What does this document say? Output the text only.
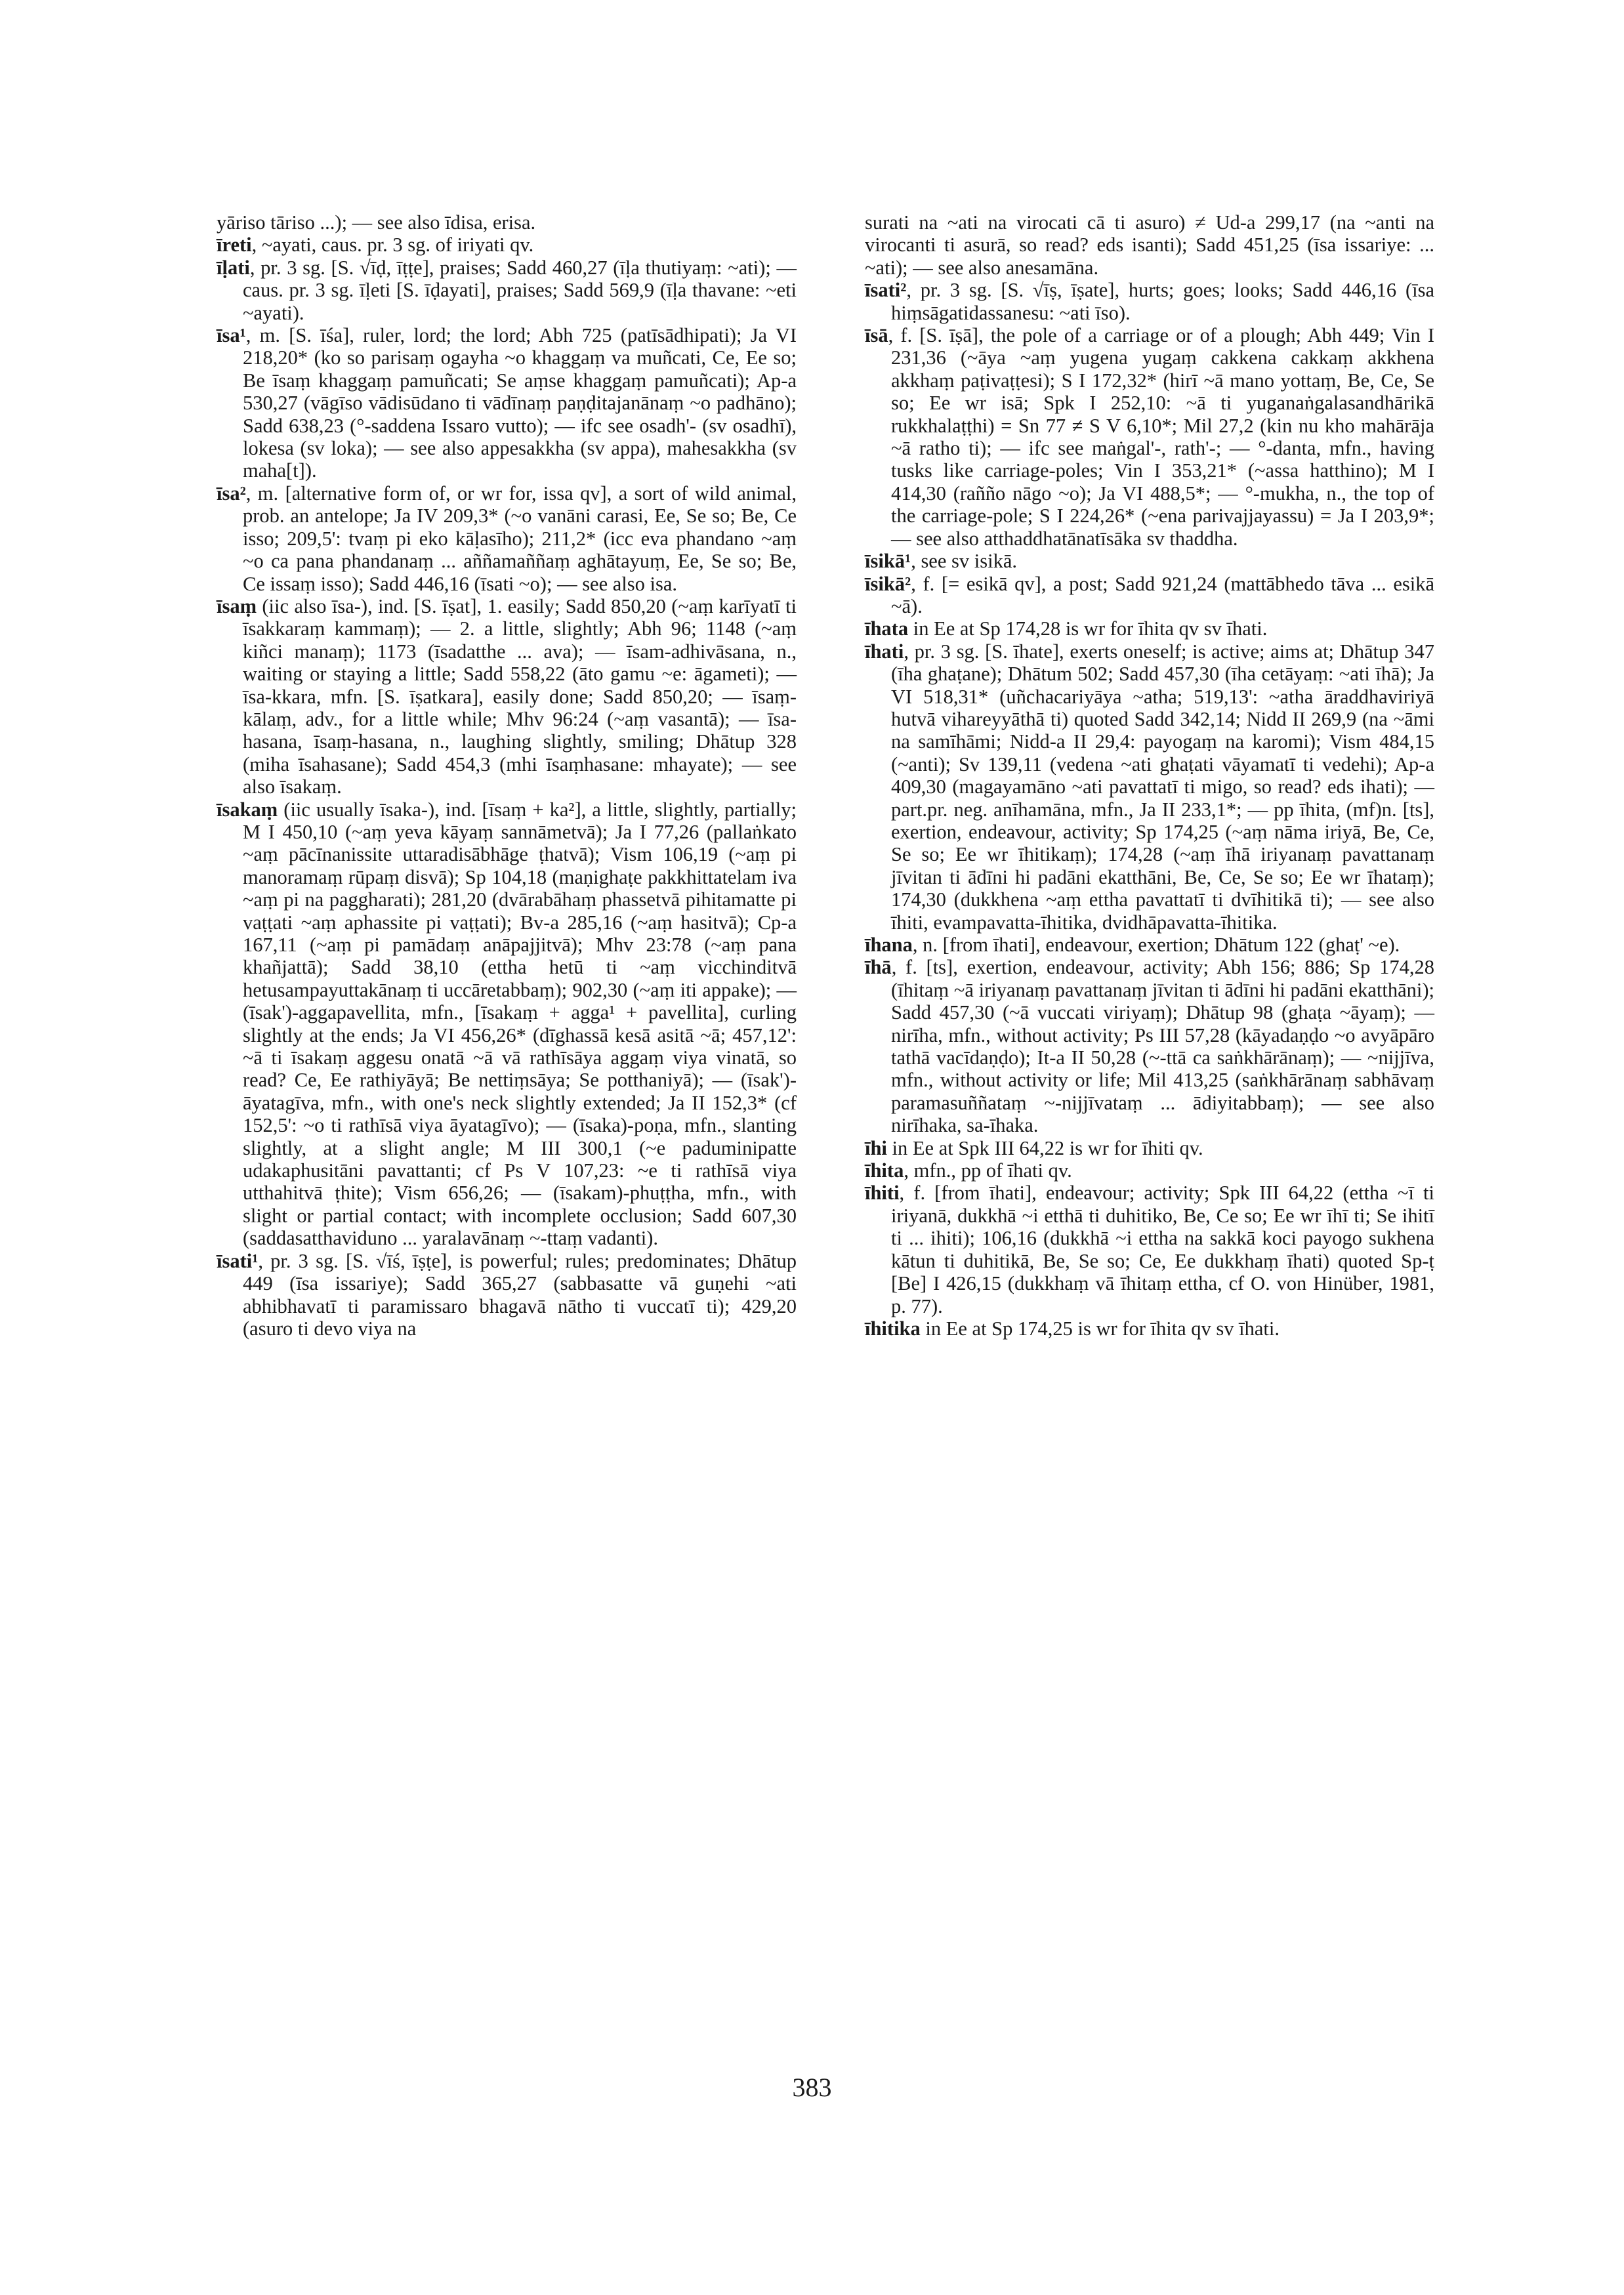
yāriso tāriso ...); — see also īdisa, erisa.

īreti, ~ayati, caus. pr. 3 sg. of iriyati qv.

īḷati, pr. 3 sg. [S. √īḍ, īṭṭe], praises; Sadd 460,27 (īḷa thutiyaṃ: ~ati); — caus. pr. 3 sg. īḷeti [S. īḍayati], praises; Sadd 569,9 (īḷa thavane: ~eti ~ayati).

īsa¹, m. [S. īśa], ruler, lord; the lord; Abh 725 (patīsādhipati); Ja VI 218,20* (ko so parisaṃ ogayha ~o khaggaṃ va muñcati, Ce, Ee so; Be īsaṃ khaggaṃ pamuñcati; Se aṃse khaggaṃ pamuñcati); Ap-a 530,27 (vāgīso vādisūdano ti vādīnaṃ paṇḍitajanānaṃ ~o padhāno); Sadd 638,23 (°-saddena Issaro vutto); — ifc see osadh'- (sv osadhī), lokesa (sv loka); — see also appesakkha (sv appa), mahesakkha (sv maha[t]).

īsa², m. [alternative form of, or wr for, issa qv], a sort of wild animal, prob. an antelope; Ja IV 209,3* (~o vanāni carasi, Ee, Se so; Be, Ce isso; 209,5': tvaṃ pi eko kāḷasīho); 211,2* (icc eva phandano ~aṃ ~o ca pana phandanaṃ ... aññamaññaṃ aghātayuṃ, Ee, Se so; Be, Ce issaṃ isso); Sadd 446,16 (īsati ~o); — see also isa.

īsaṃ (iic also īsa-), ind. [S. īṣat], 1. easily; Sadd 850,20 (~aṃ karīyatī ti īsakkaraṃ kammaṃ); — 2. a little, slightly; Abh 96; 1148 (~aṃ kiñci manaṃ); 1173 (īsadatthe ... ava); — īsam-adhivāsana, n., waiting or staying a little; Sadd 558,22 (āto gamu ~e: āgameti); — īsa-kkara, mfn. [S. īṣatkara], easily done; Sadd 850,20; — īsaṃ-kālaṃ, adv., for a little while; Mhv 96:24 (~aṃ vasantā); — īsa-hasana, īsaṃ-hasana, n., laughing slightly, smiling; Dhātup 328 (miha īsahasane); Sadd 454,3 (mhi īsaṃhasane: mhayate); — see also īsakaṃ.

īsakaṃ (iic usually īsaka-), ind. [īsaṃ + ka²], a little, slightly, partially; M I 450,10 (~aṃ yeva kāyaṃ sannāmetvā); Ja I 77,26 (pallaṅkato ~aṃ pācīnanissite uttaradisābhāge ṭhatvā); Vism 106,19 (~aṃ pi manoramaṃ rūpaṃ disvā); Sp 104,18 (maṇighaṭe pakkhittatelam iva ~aṃ pi na paggharati); 281,20 (dvārabāhaṃ phassetvā pihitamatte pi vaṭṭati ~aṃ aphassite pi vaṭṭati); Bv-a 285,16 (~aṃ hasitvā); Cp-a 167,11 (~aṃ pi pamādaṃ anāpajjitvā); Mhv 23:78 (~aṃ pana khañjattā); Sadd 38,10 (ettha hetū ti ~aṃ vicchinditvā hetusampayuttakānaṃ ti uccāretabbaṃ); 902,30 (~aṃ iti appake); — (īsak')-aggapavellita, mfn., [īsakaṃ + agga¹ + pavellita], curling slightly at the ends; Ja VI 456,26* (dīghassā kesā asitā ~ā; 457,12': ~ā ti īsakaṃ aggesu onatā ~ā vā rathīsāya aggaṃ viya vinatā, so read? Ce, Ee rathiyāyā; Be nettiṃsāya; Se potthaniyā); — (īsak')-āyatagīva, mfn., with one's neck slightly extended; Ja II 152,3* (cf 152,5': ~o ti rathīsā viya āyatagīvo); — (īsaka)-poṇa, mfn., slanting slightly, at a slight angle; M III 300,1 (~e paduminipatte udakaphusitāni pavattanti; cf Ps V 107,23: ~e ti rathīsā viya utthahitvā ṭhite); Vism 656,26; — (īsakam)-phuṭṭha, mfn., with slight or partial contact; with incomplete occlusion; Sadd 607,30 (saddasatthaviduno ... yaralavānaṃ ~-ttaṃ vadanti).

īsati¹, pr. 3 sg. [S. √īś, īṣṭe], is powerful; rules; predominates; Dhātup 449 (īsa issariye); Sadd 365,27 (sabbasatte vā guṇehi ~ati abhibhavatī ti paramissaro bhagavā nātho ti vuccatī ti); 429,20 (asuro ti devo viya na

surati na ~ati na virocati cā ti asuro) ≠ Ud-a 299,17 (na ~anti na virocanti ti asurā, so read? eds isanti); Sadd 451,25 (īsa issariye: ... ~ati); — see also anesamāna.

īsati², pr. 3 sg. [S. √īṣ, īṣate], hurts; goes; looks; Sadd 446,16 (īsa hiṃsāgatidassanesu: ~ati īso).

īsā, f. [S. īṣā], the pole of a carriage or of a plough; Abh 449; Vin I 231,36 (~āya ~aṃ yugena yugaṃ cakkena cakkaṃ akkhena akkhaṃ paṭivaṭṭesi); S I 172,32* (hirī ~ā mano yottaṃ, Be, Ce, Se so; Ee wr isā; Spk I 252,10: ~ā ti yuganaṅgalasandhārikā rukkhalaṭṭhi) = Sn 77 ≠ S V 6,10*; Mil 27,2 (kin nu kho mahārāja ~ā ratho ti); — ifc see maṅgal'-, rath'-; — °-danta, mfn., having tusks like carriage-poles; Vin I 353,21* (~assa hatthino); M I 414,30 (rañño nāgo ~o); Ja VI 488,5*; — °-mukha, n., the top of the carriage-pole; S I 224,26* (~ena parivajjayassu) = Ja I 203,9*; — see also atthaddhatānatīsāka sv thaddha.

īsikā¹, see sv isikā.

īsikā², f. [= esikā qv], a post; Sadd 921,24 (mattābhedo tāva ... esikā ~ā).

īhata in Ee at Sp 174,28 is wr for īhita qv sv īhati.

īhati, pr. 3 sg. [S. īhate], exerts oneself; is active; aims at; Dhātup 347 (īha ghaṭane); Dhātum 502; Sadd 457,30 (īha cetāyaṃ: ~ati īhā); Ja VI 518,31* (uñchacariyāya ~atha; 519,13': ~atha āraddhaviriyā hutvā vihareyyāthā ti) quoted Sadd 342,14; Nidd II 269,9 (na ~āmi na samīhāmi; Nidd-a II 29,4: payogaṃ na karomi); Vism 484,15 (~anti); Sv 139,11 (vedena ~ati ghaṭati vāyamatī ti vedehi); Ap-a 409,30 (magayamāno ~ati pavattatī ti migo, so read? eds ihati); — part.pr. neg. anīhamāna, mfn., Ja II 233,1*; — pp īhita, (mf)n. [ts], exertion, endeavour, activity; Sp 174,25 (~aṃ nāma iriyā, Be, Ce, Se so; Ee wr īhitikaṃ); 174,28 (~aṃ īhā iriyanaṃ pavattanaṃ jīvitan ti ādīni hi padāni ekatthāni, Be, Ce, Se so; Ee wr īhataṃ); 174,30 (dukkhena ~aṃ ettha pavattatī ti dvīhitikā ti); — see also īhiti, evampavatta-īhitika, dvidhāpavatta-īhitika.

īhana, n. [from īhati], endeavour, exertion; Dhātum 122 (ghaṭ' ~e).

īhā, f. [ts], exertion, endeavour, activity; Abh 156; 886; Sp 174,28 (īhitaṃ ~ā iriyanaṃ pavattanaṃ jīvitan ti ādīni hi padāni ekatthāni); Sadd 457,30 (~ā vuccati viriyaṃ); Dhātup 98 (ghaṭa ~āyaṃ); — nirīha, mfn., without activity; Ps III 57,28 (kāyadaṇḍo ~o avyāpāro tathā vacīdaṇḍo); It-a II 50,28 (~-ttā ca saṅkhārānaṃ); — ~nijjīva, mfn., without activity or life; Mil 413,25 (saṅkhārānaṃ sabhāvaṃ paramasuññataṃ ~-nijjīvataṃ ... ādiyitabbaṃ); — see also nirīhaka, sa-īhaka.

īhi in Ee at Spk III 64,22 is wr for īhiti qv.

īhita, mfn., pp of īhati qv.

īhiti, f. [from īhati], endeavour; activity; Spk III 64,22 (ettha ~ī ti iriyanā, dukkhā ~i etthā ti duhitiko, Be, Ce so; Ee wr īhī ti; Se ihitī ti ... ihiti); 106,16 (dukkhā ~i ettha na sakkā koci payogo sukhena kātun ti duhitikā, Be, Se so; Ce, Ee dukkhaṃ īhati) quoted Sp-ṭ [Be] I 426,15 (dukkhaṃ vā īhitaṃ ettha, cf O. von Hinüber, 1981, p. 77).

īhitika in Ee at Sp 174,25 is wr for īhita qv sv īhati.

383
